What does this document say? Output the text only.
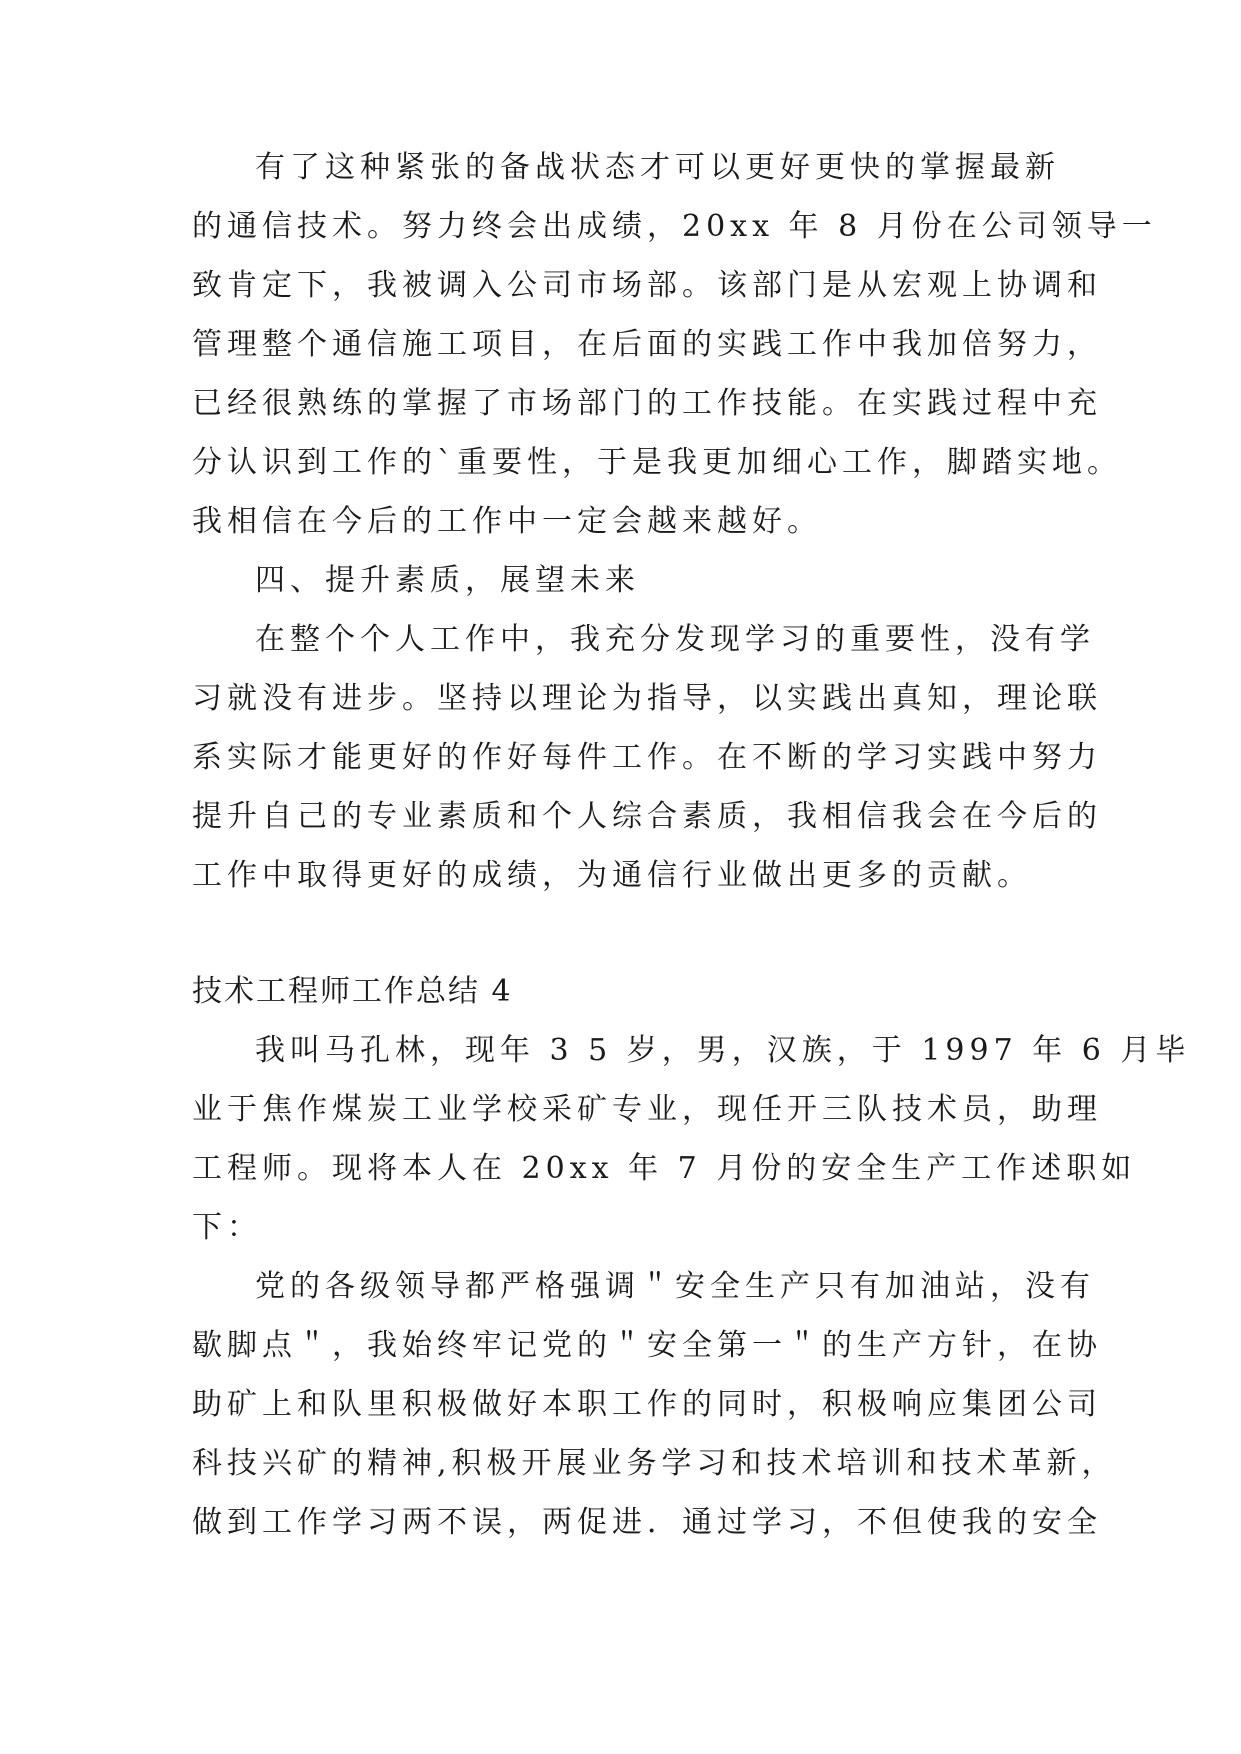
有了这种紧张的备战状态才可以更好更快的掌握最新

的通信技术。努力终会出成绩，20xx 年 8 月份在公司领导一

致肯定下，我被调入公司市场部。该部门是从宏观上协调和

管理整个通信施工项目，在后面的实践工作中我加倍努力，

已经很熟练的掌握了市场部门的工作技能。在实践过程中充

分认识到工作的`重要性，于是我更加细心工作，脚踏实地。

我相信在今后的工作中一定会越来越好。

四、提升素质，展望未来

在整个个人工作中，我充分发现学习的重要性，没有学

习就没有进步。坚持以理论为指导，以实践出真知，理论联

系实际才能更好的作好每件工作。在不断的学习实践中努力

提升自己的专业素质和个人综合素质，我相信我会在今后的

工作中取得更好的成绩，为通信行业做出更多的贡献。

技术工程师工作总结 4

我叫马孔林，现年 3 5 岁，男，汉族，于 1997 年 6 月毕

业于焦作煤炭工业学校采矿专业，现任开三队技术员，助理

工程师。现将本人在 20xx 年 7 月份的安全生产工作述职如

下：

党的各级领导都严格强调＂安全生产只有加油站，没有

歇脚点＂，我始终牢记党的＂安全第一＂的生产方针，在协

助矿上和队里积极做好本职工作的同时，积极响应集团公司

科技兴矿的精神,积极开展业务学习和技术培训和技术革新，

做到工作学习两不误，两促进．通过学习，不但使我的安全
